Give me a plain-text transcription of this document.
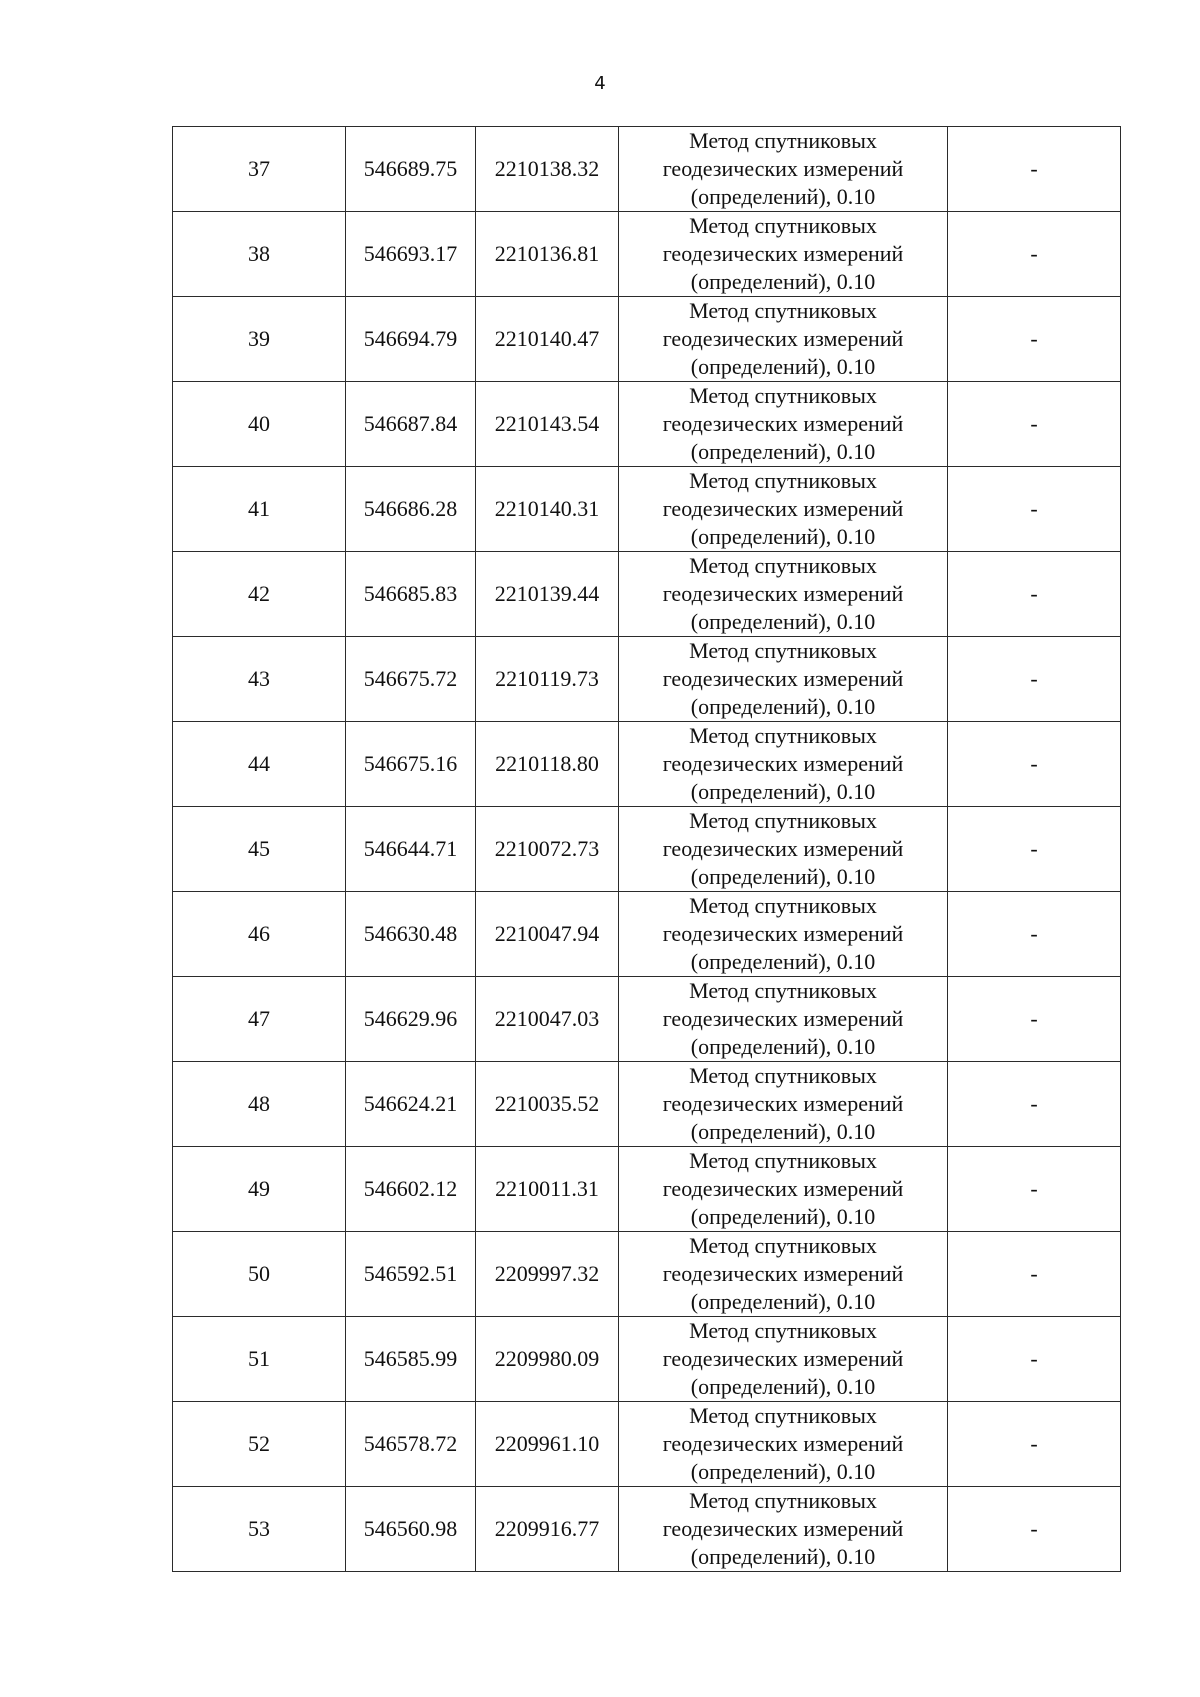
4
37	546689.75	2210138.32	Метод спутниковых
геодезических измерений
(определений), 0.10	-
38	546693.17	2210136.81	Метод спутниковых
геодезических измерений
(определений), 0.10	-
39	546694.79	2210140.47	Метод спутниковых
геодезических измерений
(определений), 0.10	-
40	546687.84	2210143.54	Метод спутниковых
геодезических измерений
(определений), 0.10	-
41	546686.28	2210140.31	Метод спутниковых
геодезических измерений
(определений), 0.10	-
42	546685.83	2210139.44	Метод спутниковых
геодезических измерений
(определений), 0.10	-
43	546675.72	2210119.73	Метод спутниковых
геодезических измерений
(определений), 0.10	-
44	546675.16	2210118.80	Метод спутниковых
геодезических измерений
(определений), 0.10	-
45	546644.71	2210072.73	Метод спутниковых
геодезических измерений
(определений), 0.10	-
46	546630.48	2210047.94	Метод спутниковых
геодезических измерений
(определений), 0.10	-
47	546629.96	2210047.03	Метод спутниковых
геодезических измерений
(определений), 0.10	-
48	546624.21	2210035.52	Метод спутниковых
геодезических измерений
(определений), 0.10	-
49	546602.12	2210011.31	Метод спутниковых
геодезических измерений
(определений), 0.10	-
50	546592.51	2209997.32	Метод спутниковых
геодезических измерений
(определений), 0.10	-
51	546585.99	2209980.09	Метод спутниковых
геодезических измерений
(определений), 0.10	-
52	546578.72	2209961.10	Метод спутниковых
геодезических измерений
(определений), 0.10	-
53	546560.98	2209916.77	Метод спутниковых
геодезических измерений
(определений), 0.10	-
